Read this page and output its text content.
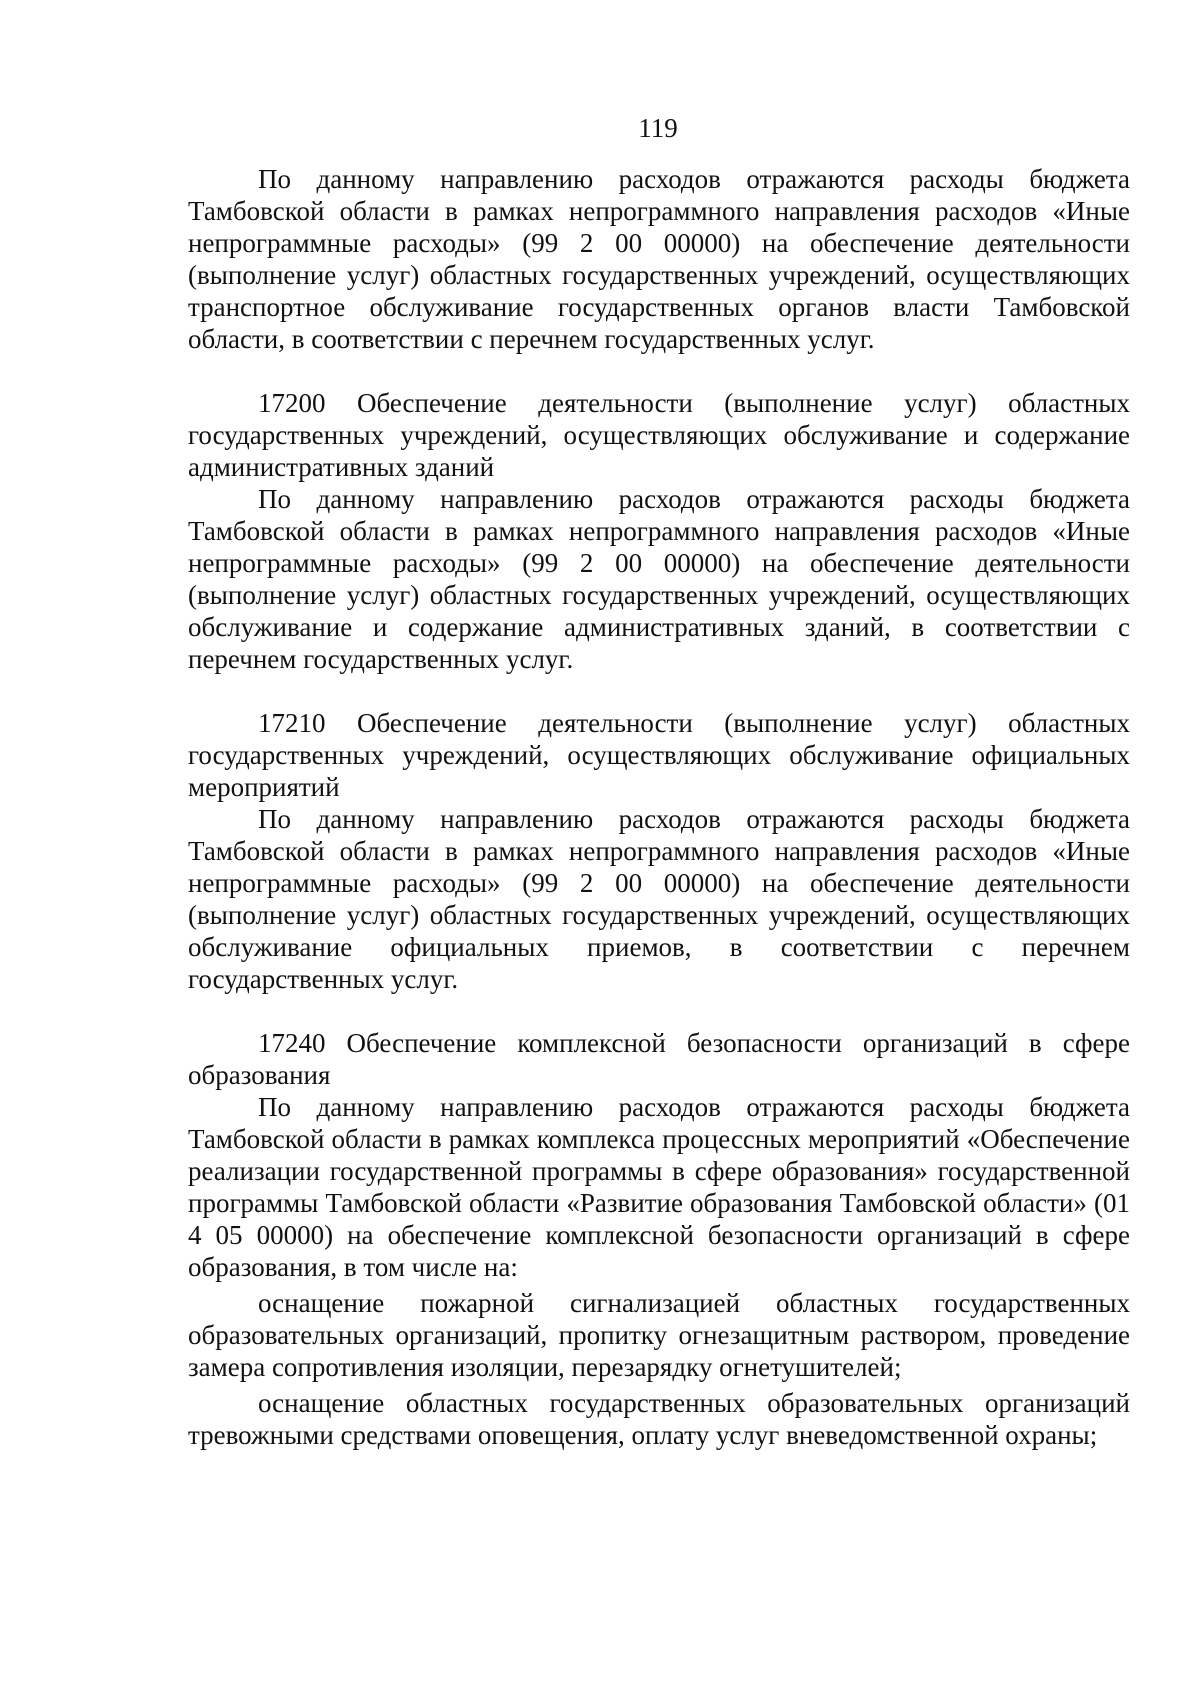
119

По данному направлению расходов отражаются расходы бюджета Тамбовской области в рамках непрограммного направления расходов «Иные непрограммные расходы» (99 2 00 00000) на обеспечение деятельности (выполнение услуг) областных государственных учреждений, осуществляющих транспортное обслуживание государственных органов власти Тамбовской области, в соответствии с перечнем государственных услуг.

17200 Обеспечение деятельности (выполнение услуг) областных государственных учреждений, осуществляющих обслуживание и содержание административных зданий

По данному направлению расходов отражаются расходы бюджета Тамбовской области в рамках непрограммного направления расходов «Иные непрограммные расходы» (99 2 00 00000) на обеспечение деятельности (выполнение услуг) областных государственных учреждений, осуществляющих обслуживание и содержание административных зданий, в соответствии с перечнем государственных услуг.

17210 Обеспечение деятельности (выполнение услуг) областных государственных учреждений, осуществляющих обслуживание официальных мероприятий

По данному направлению расходов отражаются расходы бюджета Тамбовской области в рамках непрограммного направления расходов «Иные непрограммные расходы» (99 2 00 00000) на обеспечение деятельности (выполнение услуг) областных государственных учреждений, осуществляющих обслуживание официальных приемов, в соответствии с перечнем государственных услуг.

17240 Обеспечение комплексной безопасности организаций в сфере образования

По данному направлению расходов отражаются расходы бюджета Тамбовской области в рамках комплекса процессных мероприятий «Обеспечение реализации государственной программы в сфере образования» государственной программы Тамбовской области «Развитие образования Тамбовской области» (01 4 05 00000) на обеспечение комплексной безопасности организаций в сфере образования, в том числе на:

оснащение пожарной сигнализацией областных государственных образовательных организаций, пропитку огнезащитным раствором, проведение замера сопротивления изоляции, перезарядку огнетушителей;

оснащение областных государственных образовательных организаций тревожными средствами оповещения, оплату услуг вневедомственной охраны;
